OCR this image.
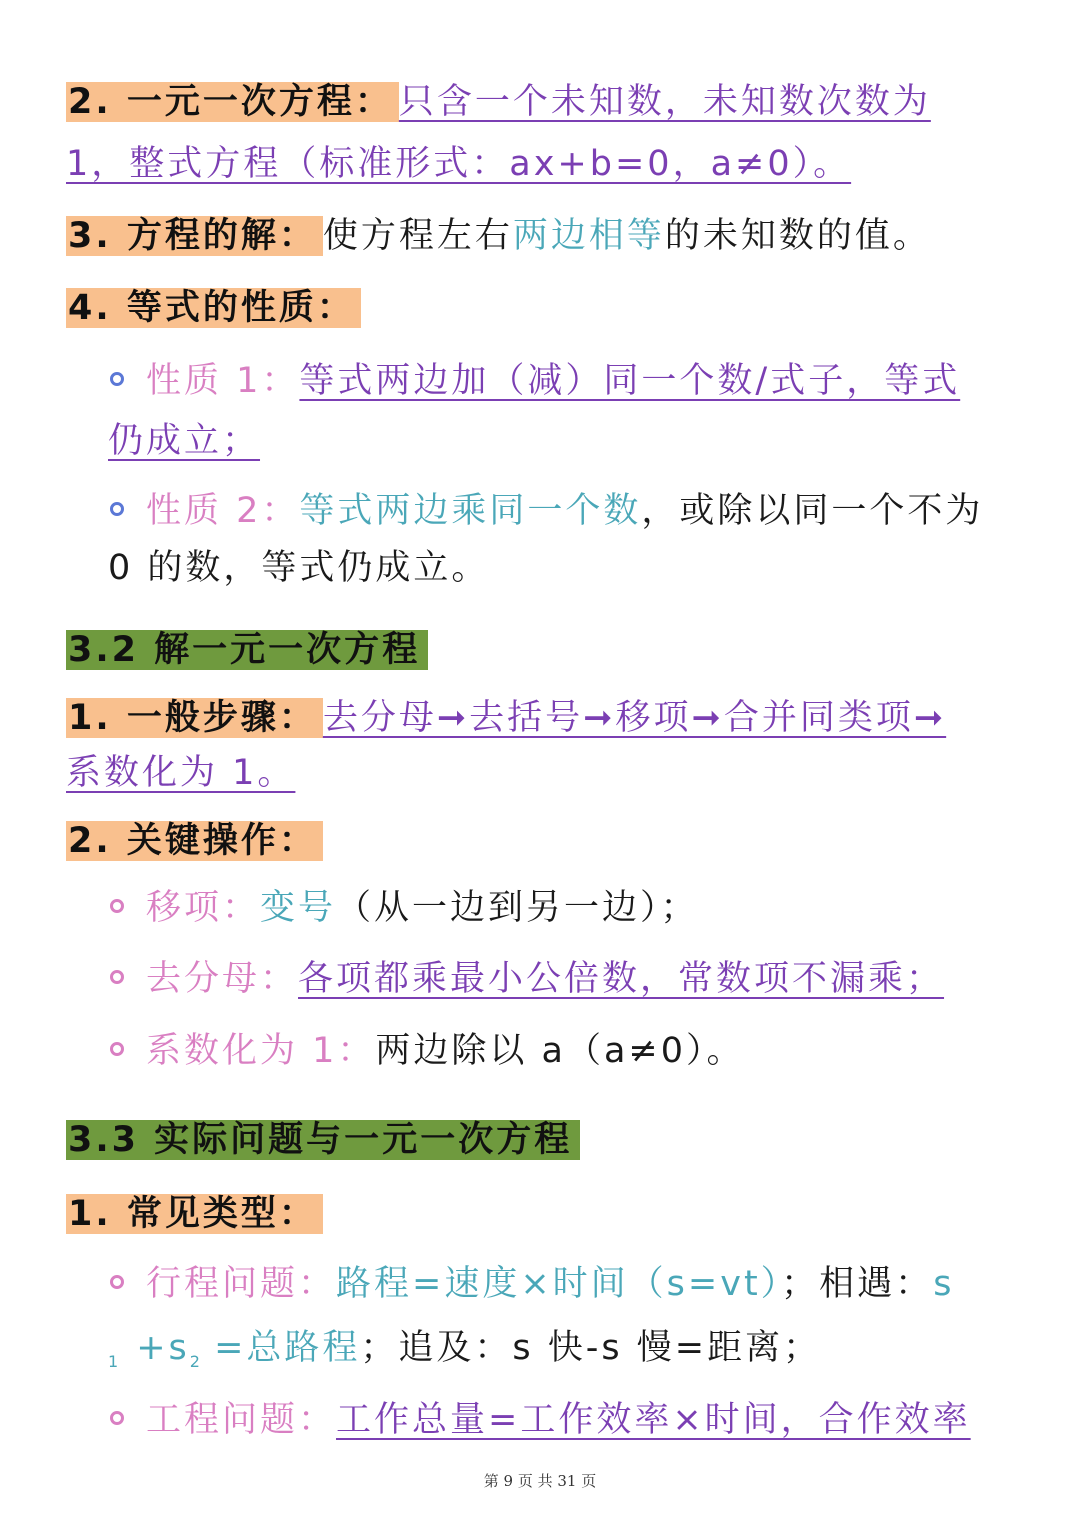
2. 一元一次方程： 只含一个未知数，未知数次数为
1，整式方程（标准形式：ax+b=0，a≠0）。
3. 方程的解： 使方程左右两边相等的未知数的值。
4. 等式的性质：
性质 1：等式两边加（减）同一个数/式子，等式
仍成立；
性质 2：等式两边乘同一个数，或除以同一个不为
0 的数，等式仍成立。
3.2 解一元一次方程
1. 一般步骤： 去分母➞去括号➞移项➞合并同类项➞
系数化为 1。
2. 关键操作：
移项：变号（从一边到另一边）；
去分母：各项都乘最小公倍数，常数项不漏乘；
系数化为 1：两边除以 a（a≠0）。
3.3 实际问题与一元一次方程
1. 常见类型：
行程问题：路程=速度×时间（s=vt）；相遇：s
$_1 +s_2$ =总路程；追及：s 快-s 慢=距离；
工程问题：工作总量=工作效率×时间，合作效率
第 9 页 共 31 页
